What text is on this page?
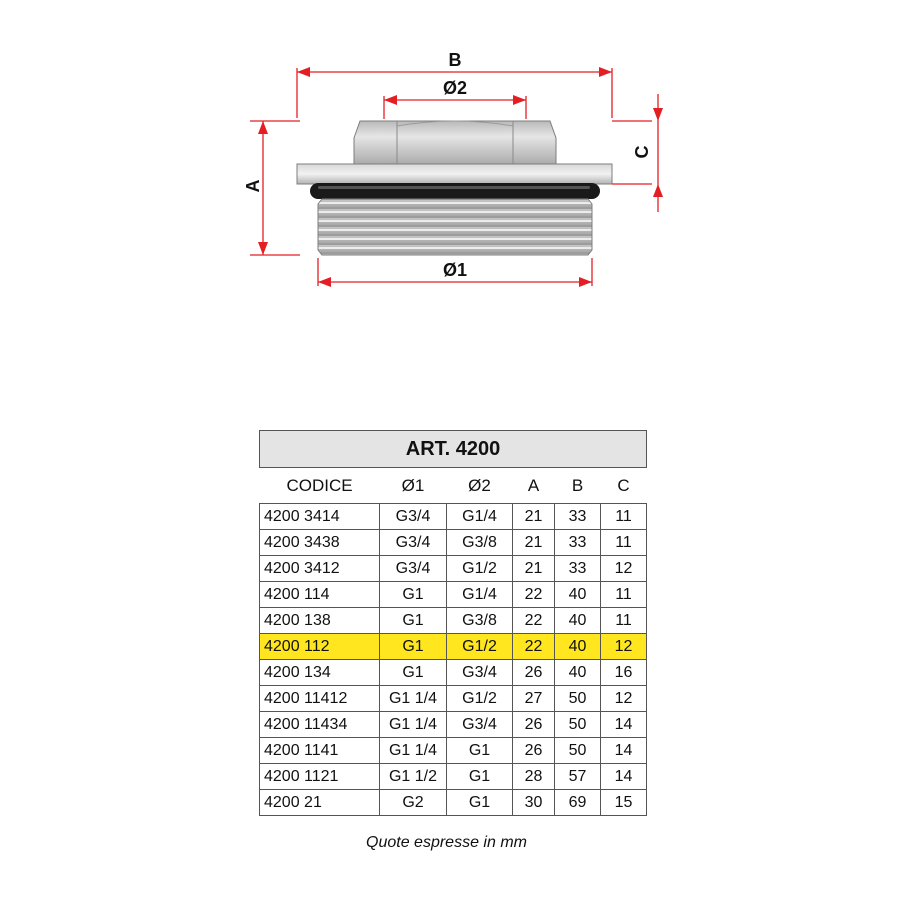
B
Ø2
A
C
Ø1
ART. 4200					
CODICE	Ø1	Ø2	A	B	C
4200 3414	G3/4	G1/4	21	33	11
4200 3438	G3/4	G3/8	21	33	11
4200 3412	G3/4	G1/2	21	33	12
4200 114	G1	G1/4	22	40	11
4200 138	G1	G3/8	22	40	11
4200 112	G1	G1/2	22	40	12
4200 134	G1	G3/4	26	40	16
4200 11412	G1 1/4	G1/2	27	50	12
4200 11434	G1 1/4	G3/4	26	50	14
4200 1141	G1 1/4	G1	26	50	14
4200 1121	G1 1/2	G1	28	57	14
4200 21	G2	G1	30	69	15
Quote espresse in mm
